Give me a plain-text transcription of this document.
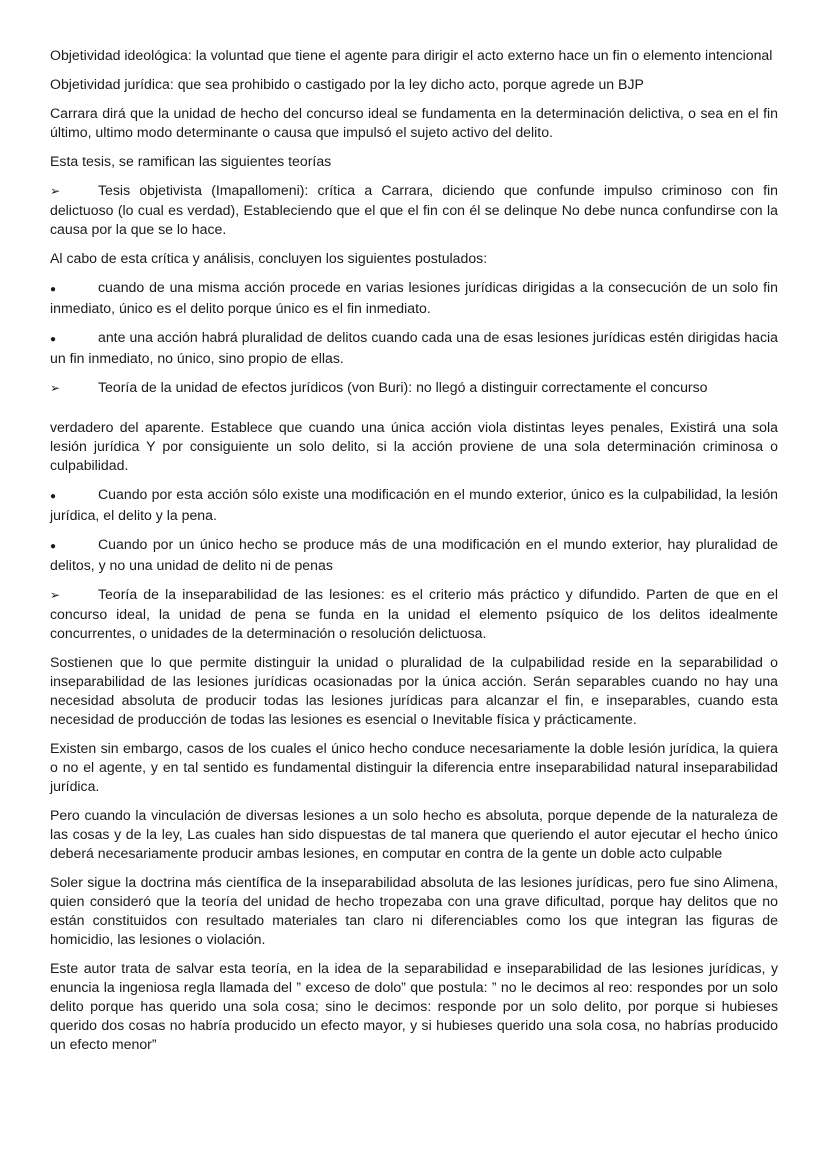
Objetividad ideológica: la voluntad que tiene el agente para dirigir el acto externo hace un fin o elemento intencional

Objetividad jurídica: que sea prohibido o castigado por la ley dicho acto, porque agrede un BJP

Carrara dirá que la unidad de hecho del concurso ideal se fundamenta en la determinación delictiva, o sea en el fin último, ultimo modo determinante o causa que impulsó el sujeto activo del delito.

Esta tesis, se ramifican las siguientes teorías

➢	Tesis objetivista (Imapallomeni): crítica a Carrara, diciendo que confunde impulso criminoso con fin delictuoso (lo cual es verdad), Estableciendo que el que el fin con él se delinque No debe nunca confundirse con la causa por la que se lo hace.

Al cabo de esta crítica y análisis, concluyen los siguientes postulados:

●	cuando de una misma acción procede en varias lesiones jurídicas dirigidas a la consecución de un solo fin inmediato, único es el delito porque único es el fin inmediato.
●	ante una acción habrá pluralidad de delitos cuando cada una de esas lesiones jurídicas estén dirigidas hacia un fin inmediato, no único, sino propio de ellas.
➢	Teoría de la unidad de efectos jurídicos (von Buri): no llegó a distinguir correctamente el concurso

verdadero del aparente. Establece que cuando una única acción viola distintas leyes penales, Existirá una sola lesión jurídica Y por consiguiente un solo delito, si la acción proviene de una sola determinación criminosa o culpabilidad.

●	Cuando por esta acción sólo existe una modificación en el mundo exterior, único es la culpabilidad, la lesión jurídica, el delito y la pena.
●	Cuando por un único hecho se produce más de una modificación en el mundo exterior, hay pluralidad de delitos, y no una unidad de delito ni de penas
➢	Teoría de la inseparabilidad de las lesiones: es el criterio más práctico y difundido. Parten de que en el concurso ideal, la unidad de pena se funda en la unidad el elemento psíquico de los delitos idealmente concurrentes, o unidades de la determinación o resolución delictuosa.

Sostienen que lo que permite distinguir la unidad o pluralidad de la culpabilidad reside en la separabilidad o inseparabilidad de las lesiones jurídicas ocasionadas por la única acción. Serán separables cuando no hay una necesidad absoluta de producir todas las lesiones jurídicas para alcanzar el fin, e inseparables, cuando esta necesidad de producción de todas las lesiones es esencial o Inevitable física y prácticamente.

Existen sin embargo, casos de los cuales el único hecho conduce necesariamente la doble lesión jurídica, la quiera o no el agente, y en tal sentido es fundamental distinguir la diferencia entre inseparabilidad natural inseparabilidad jurídica.

Pero cuando la vinculación de diversas lesiones a un solo hecho es absoluta, porque depende de la naturaleza de las cosas y de la ley, Las cuales han sido dispuestas de tal manera que queriendo el autor ejecutar el hecho único deberá necesariamente producir ambas lesiones, en computar en contra de la gente un doble acto culpable

Soler sigue la doctrina más científica de la inseparabilidad absoluta de las lesiones jurídicas, pero fue sino Alimena, quien consideró que la teoría del unidad de hecho tropezaba con una grave dificultad, porque hay delitos que no están constituidos con resultado materiales tan claro ni diferenciables como los que integran las figuras de homicidio, las lesiones o violación.

Este autor trata de salvar esta teoría, en la idea de la separabilidad e inseparabilidad de las lesiones jurídicas, y enuncia la ingeniosa regla llamada del ” exceso de dolo” que postula: ” no le decimos al reo: respondes por un solo delito porque has querido una sola cosa; sino le decimos: responde por un solo delito, por porque si hubieses querido dos cosas no habría producido un efecto mayor, y si hubieses querido una sola cosa, no habrías producido un efecto menor”
